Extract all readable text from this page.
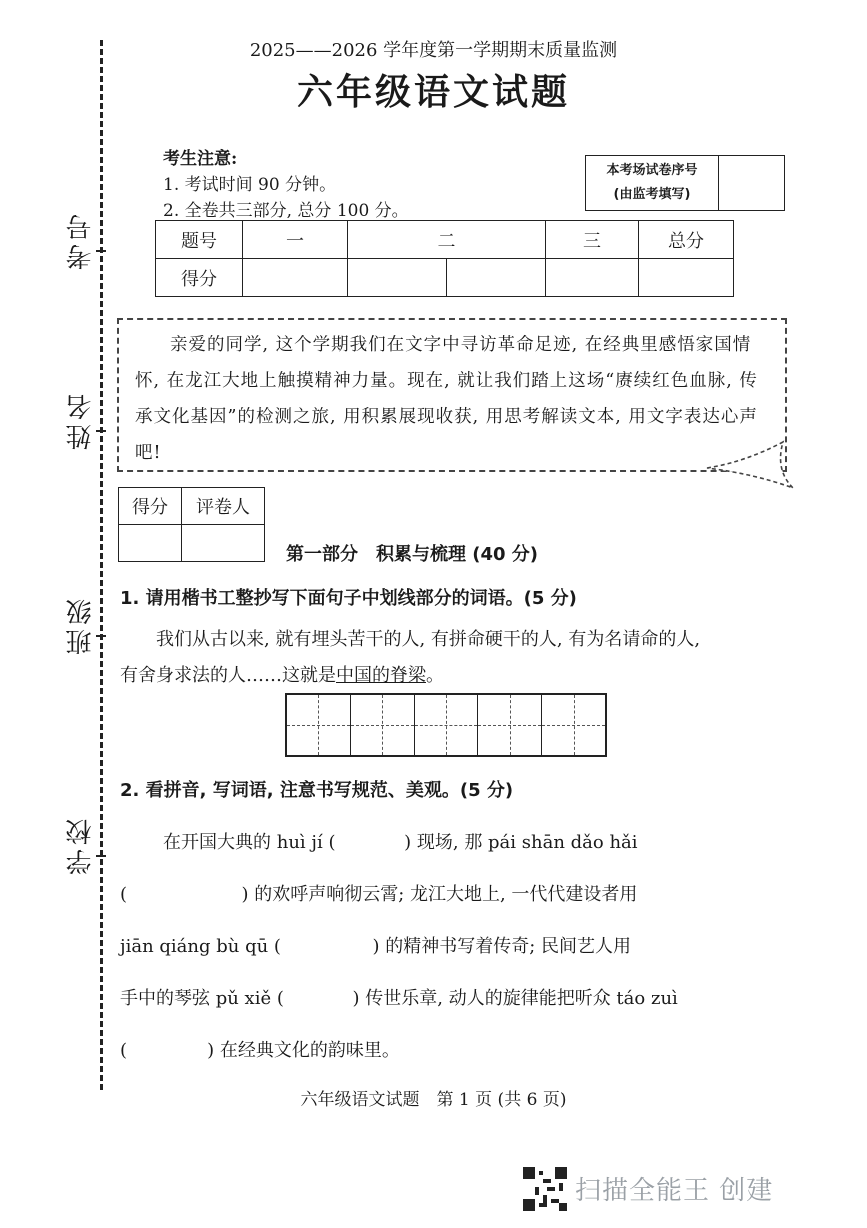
考号
姓名
班级
学校
2025——2026 学年度第一学期期末质量监测
六年级语文试题
考生注意:
1. 考试时间 90 分钟。
2. 全卷共三部分, 总分 100 分。
本考场试卷序号
(由监考填写)
题号	一	二		三	总分
得分					

亲爱的同学, 这个学期我们在文字中寻访革命足迹, 在经典里感悟家国情怀, 在龙江大地上触摸精神力量。现在, 就让我们踏上这场“赓续红色血脉, 传承文化基因”的检测之旅, 用积累展现收获, 用思考解读文本, 用文字表达心声吧!

得分	评卷人

第一部分　积累与梳理 (40 分)
1. 请用楷书工整抄写下面句子中划线部分的词语。(5 分)
我们从古以来, 就有埋头苦干的人, 有拼命硬干的人, 有为名请命的人,
有舍身求法的人……这就是中国的脊梁。
2. 看拼音, 写词语, 注意书写规范、美观。(5 分)
在开国大典的 huì jí (            ) 现场, 那 pái shān dǎo hǎi
(                    ) 的欢呼声响彻云霄; 龙江大地上, 一代代建设者用
jiān qiáng bù qū (                ) 的精神书写着传奇; 民间艺人用
手中的琴弦 pǔ xiě (            ) 传世乐章, 动人的旋律能把听众 táo zuì
(              ) 在经典文化的韵味里。
六年级语文试题　第 1 页 (共 6 页)
扫描全能王 创建
